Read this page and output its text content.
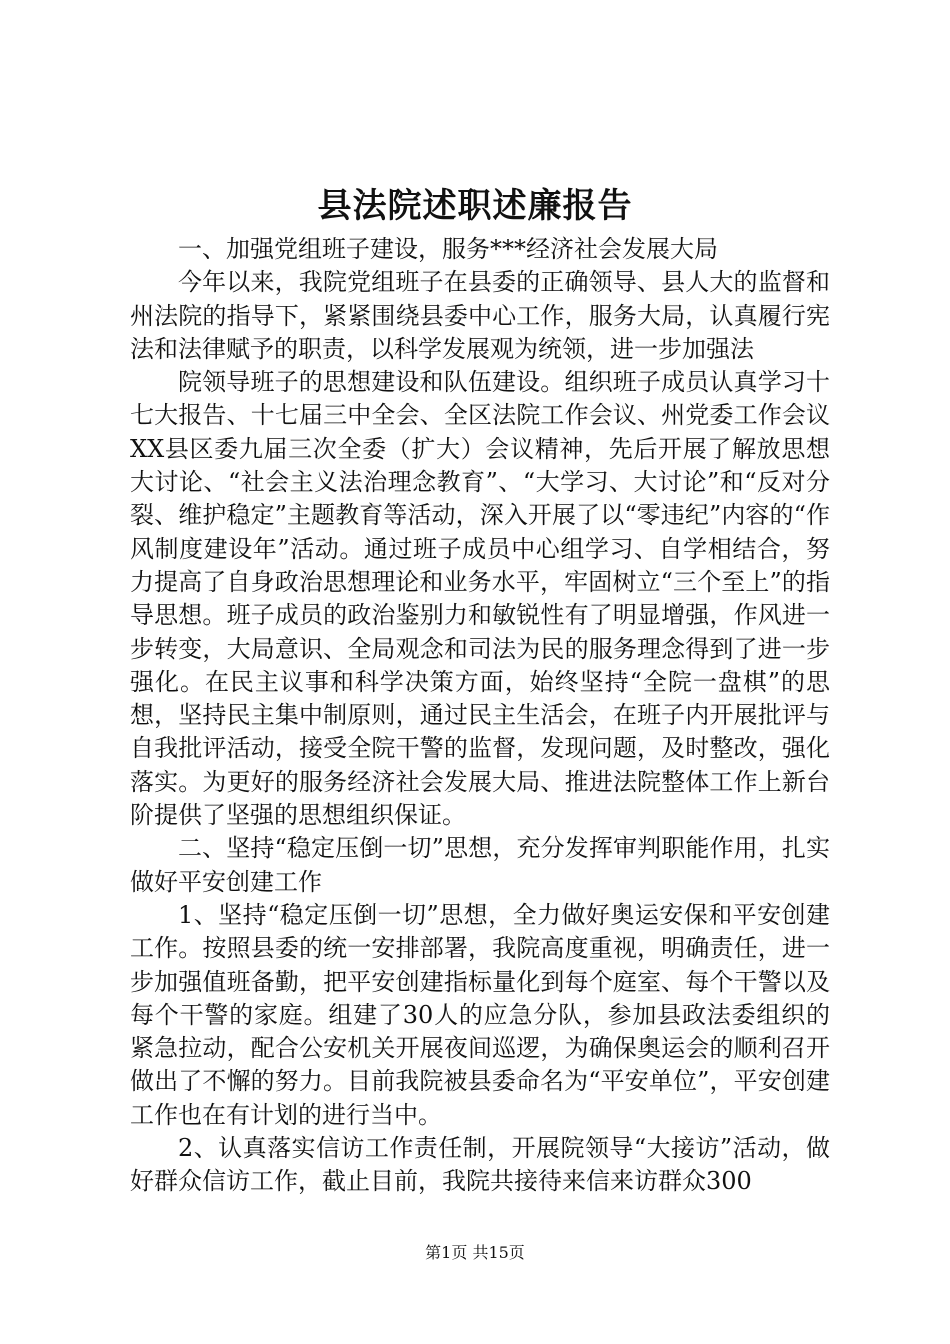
县法院述职述廉报告

一、加强党组班子建设，服务***经济社会发展大局

今年以来，我院党组班子在县委的正确领导、县人大的监督和州法院的指导下，紧紧围绕县委中心工作，服务大局，认真履行宪法和法律赋予的职责，以科学发展观为统领，进一步加强法

院领导班子的思想建设和队伍建设。组织班子成员认真学习十七大报告、十七届三中全会、全区法院工作会议、州党委工作会议XX县区委九届三次全委（扩大）会议精神，先后开展了解放思想大讨论、“社会主义法治理念教育”、“大学习、大讨论”和“反对分裂、维护稳定”主题教育等活动，深入开展了以“零违纪”内容的“作风制度建设年”活动。通过班子成员中心组学习、自学相结合，努力提高了自身政治思想理论和业务水平，牢固树立“三个至上”的指导思想。班子成员的政治鉴别力和敏锐性有了明显增强，作风进一步转变，大局意识、全局观念和司法为民的服务理念得到了进一步强化。在民主议事和科学决策方面，始终坚持“全院一盘棋”的思想，坚持民主集中制原则，通过民主生活会，在班子内开展批评与自我批评活动，接受全院干警的监督，发现问题，及时整改，强化落实。为更好的服务经济社会发展大局、推进法院整体工作上新台阶提供了坚强的思想组织保证。

二、坚持“稳定压倒一切”思想，充分发挥审判职能作用，扎实做好平安创建工作

1、坚持“稳定压倒一切”思想，全力做好奥运安保和平安创建工作。按照县委的统一安排部署，我院高度重视，明确责任，进一步加强值班备勤，把平安创建指标量化到每个庭室、每个干警以及每个干警的家庭。组建了30人的应急分队，参加县政法委组织的紧急拉动，配合公安机关开展夜间巡逻，为确保奥运会的顺利召开做出了不懈的努力。目前我院被县委命名为“平安单位”，平安创建工作也在有计划的进行当中。

2、认真落实信访工作责任制，开展院领导“大接访”活动，做好群众信访工作，截止目前，我院共接待来信来访群众300

第1页 共15页
